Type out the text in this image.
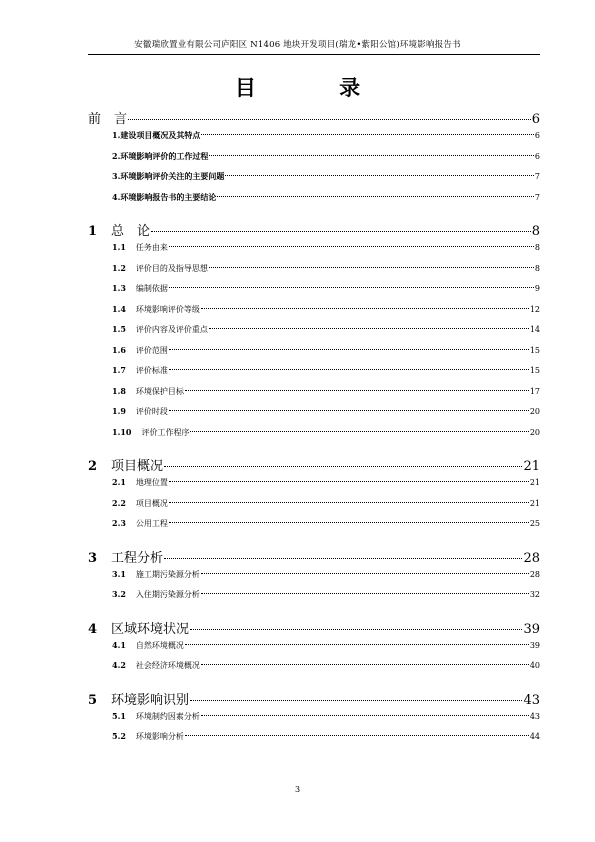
安徽瑞欣置业有限公司庐阳区 N1406 地块开发项目(瑞龙•紫阳公馆)环境影响报告书
目 录
前　言	6
1.建设项目概况及其特点	6
2.环境影响评价的工作过程	6
3.环境影响评价关注的主要问题	7
4.环境影响报告书的主要结论	7
1 总　论	8
1.1 任务由来	8
1.2 评价目的及指导思想	8
1.3 编制依据	9
1.4 环境影响评价等级	12
1.5 评价内容及评价重点	14
1.6 评价范围	15
1.7 评价标准	15
1.8 环境保护目标	17
1.9 评价时段	20
1.10 评价工作程序	20
2 项目概况	21
2.1 地理位置	21
2.2 项目概况	21
2.3 公用工程	25
3 工程分析	28
3.1 施工期污染源分析	28
3.2 入住期污染源分析	32
4 区域环境状况	39
4.1 自然环境概况	39
4.2 社会经济环境概况	40
5 环境影响识别	43
5.1 环境制约因素分析	43
5.2 环境影响分析	44
3
